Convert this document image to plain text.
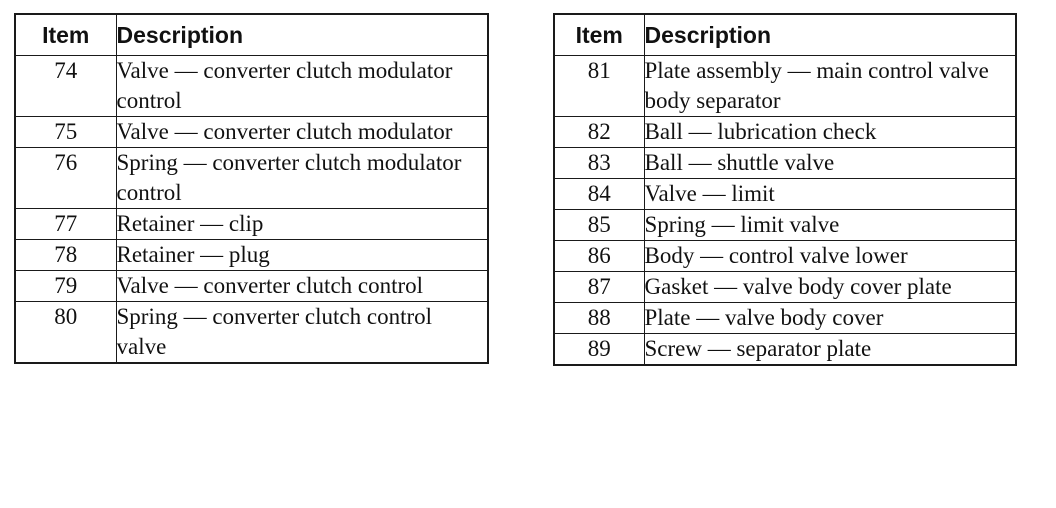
Item	Description
74	Valve — converter clutch modulator control
75	Valve — converter clutch modulator
76	Spring — converter clutch modulator control
77	Retainer — clip
78	Retainer — plug
79	Valve — converter clutch control
80	Spring — converter clutch control valve
Item	Description
81	Plate assembly — main control valve body separator
82	Ball — lubrication check
83	Ball — shuttle valve
84	Valve — limit
85	Spring — limit valve
86	Body — control valve lower
87	Gasket — valve body cover plate
88	Plate — valve body cover
89	Screw — separator plate
